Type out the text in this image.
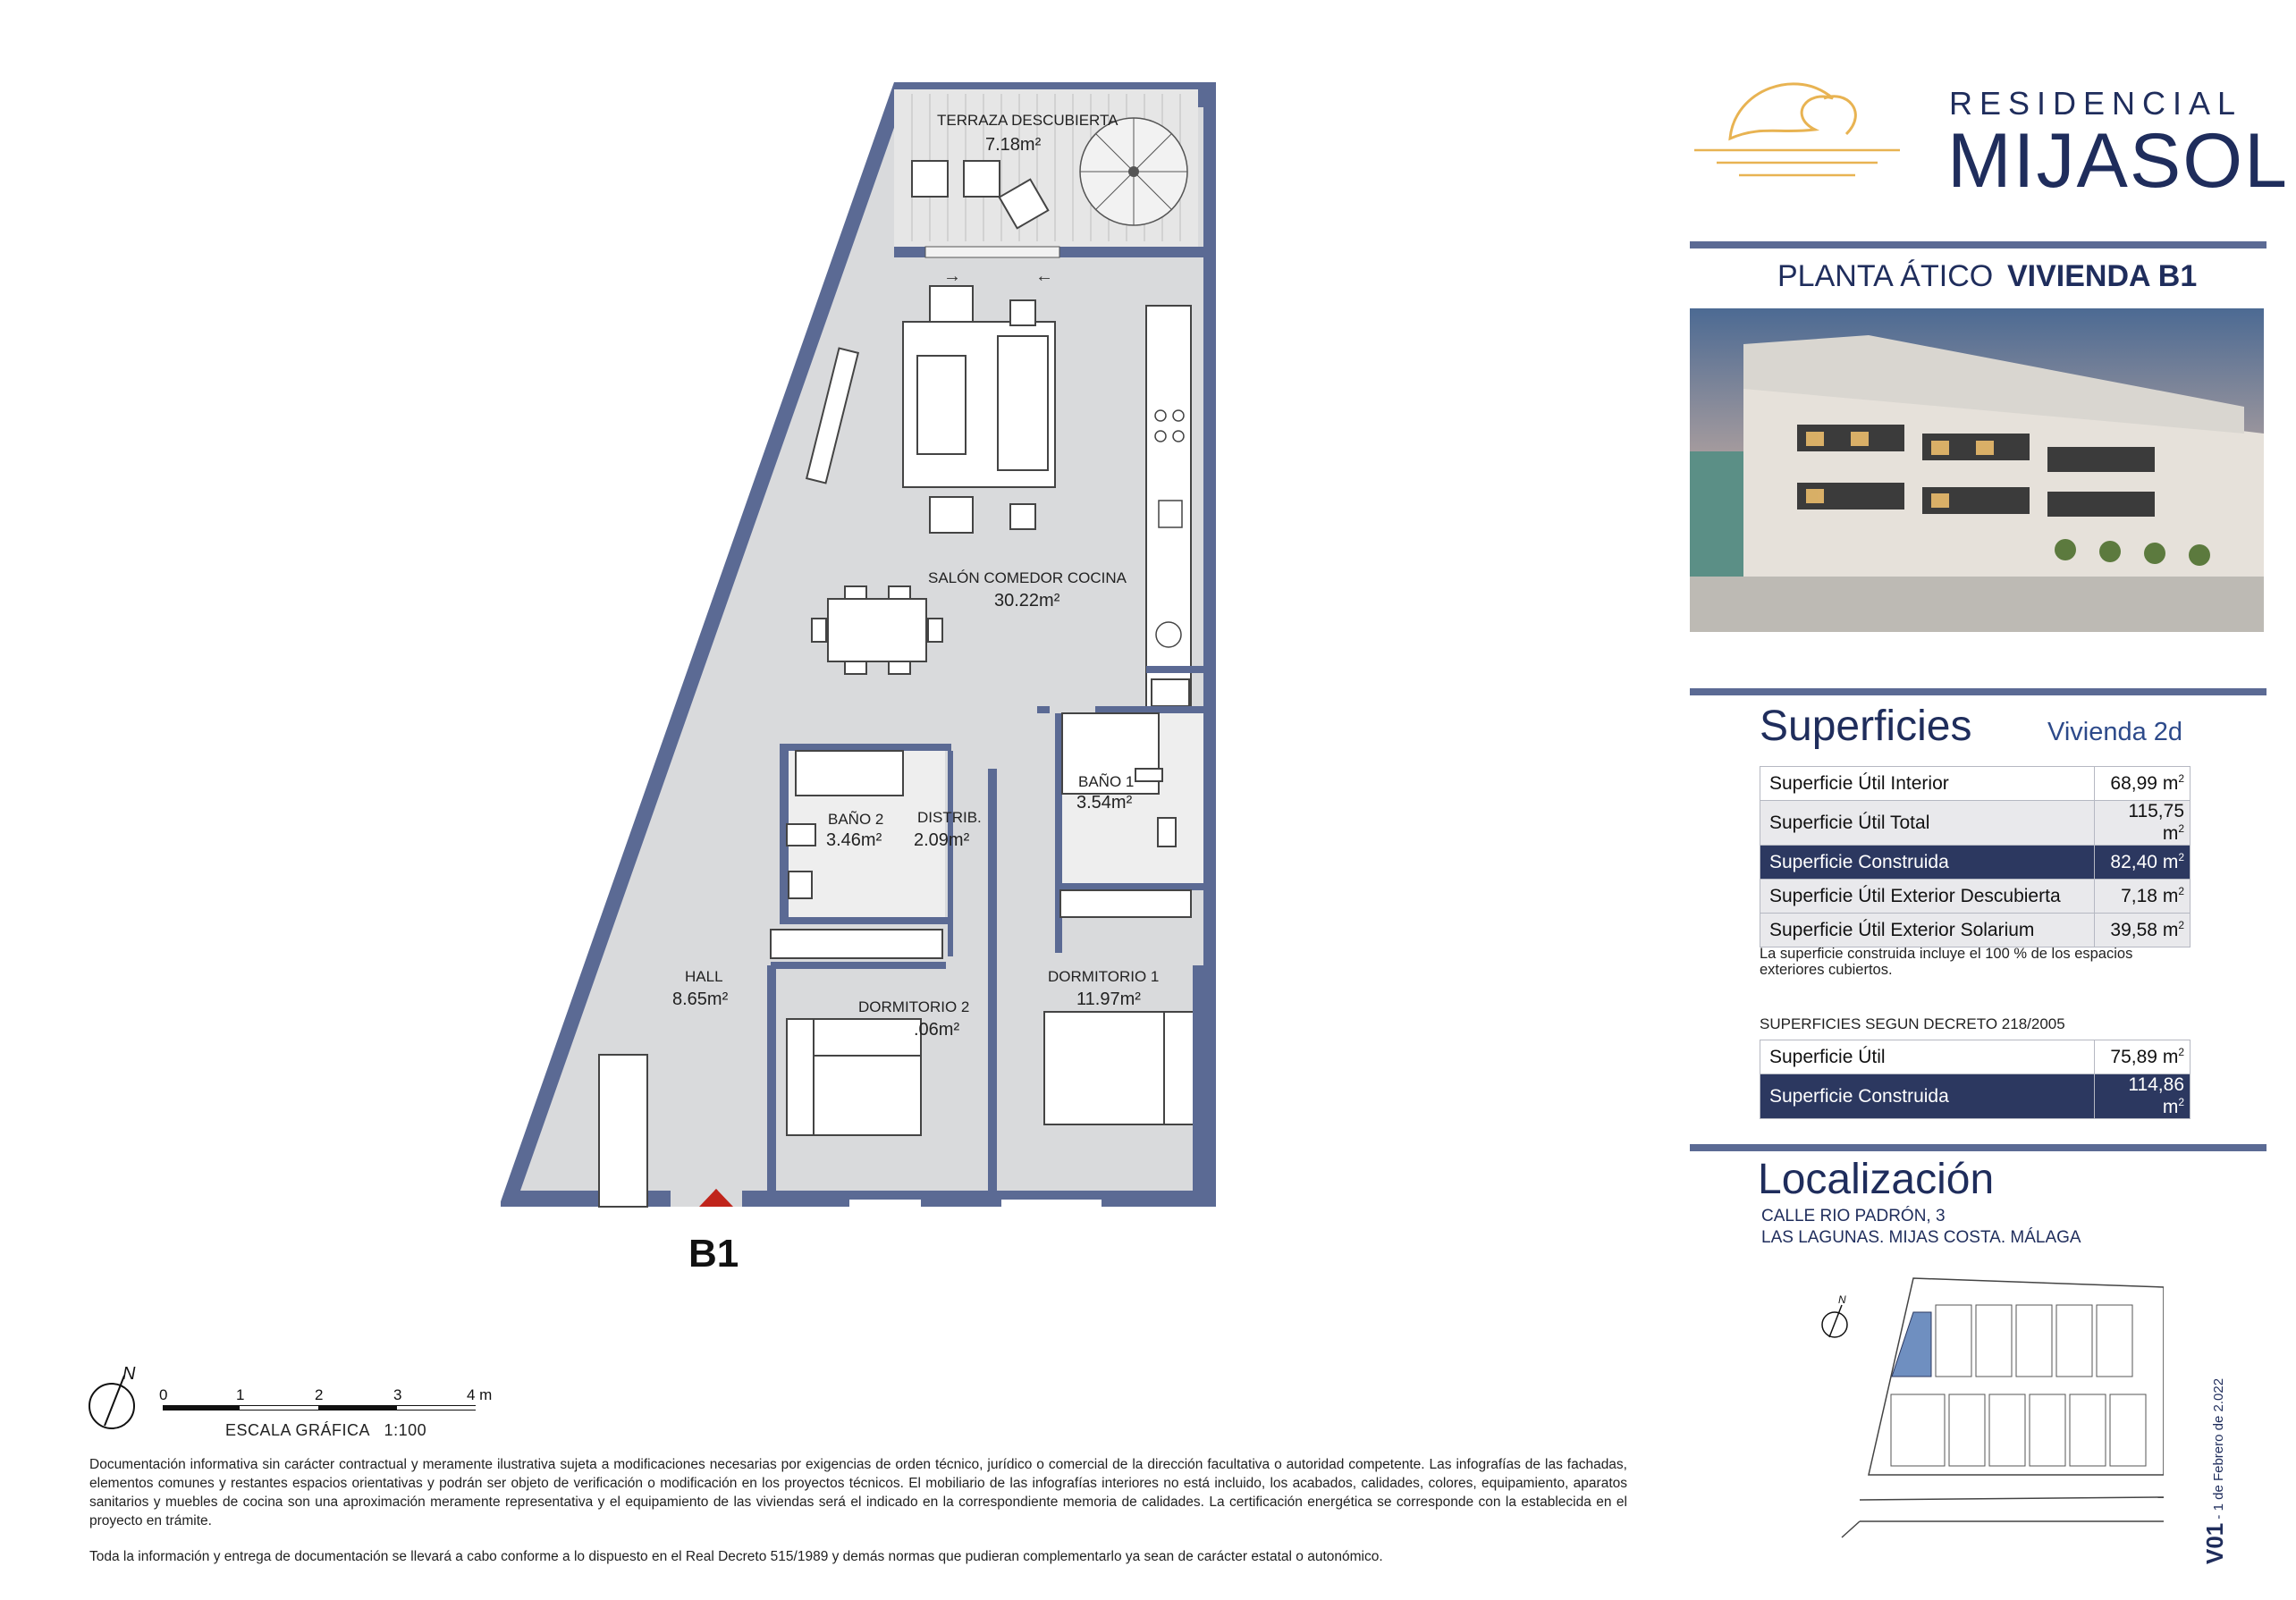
→	←
TERRAZA DESCUBIERTA
7.18m²
SALÓN COMEDOR COCINA
30.22m²
BAÑO 1
3.54m²
BAÑO 2
3.46m²
DISTRIB.
2.09m²
HALL
8.65m²	DORMITORIO 2
.06m²
DORMITORIO 1
11.97m²
B1
N
0	1	2	3	4 m
ESCALA GRÁFICA   1:100
Documentación informativa sin carácter contractual y meramente ilustrativa sujeta a modificaciones necesarias por exigencias de orden técnico, jurídico o comercial de la dirección facultativa o autoridad competente. Las infografías de las fachadas, elementos comunes y restantes espacios orientativas y podrán ser objeto de verificación o modificación en los proyectos técnicos. El mobiliario de las infografías interiores no está incluido, los acabados, calidades, colores, equipamiento, aparatos sanitarios y muebles de cocina son una aproximación meramente representativa y el equipamiento de las viviendas será el indicado en la correspondiente memoria de calidades. La certificación energética se corresponde con la establecida en el proyecto en trámite.
Toda la información y entrega de documentación se llevará a cabo conforme a lo dispuesto en el Real Decreto 515/1989 y demás normas que pudieran complementarlo ya sean de carácter estatal o autonómico.
RESIDENCIAL
MIJASOL
PLANTA ÁTICO VIVIENDA B1
Superficies	Vivienda 2d
Superficie Útil Interior	68,99 $m^2$
Superficie Útil Total	115,75 $m^2$
Superficie Construida	82,40 $m^2$
Superficie Útil Exterior Descubierta	7,18 $m^2$
Superficie Útil Exterior Solarium	39,58 $m^2$
La superficie construida incluye el 100 % de los espacios exteriores cubiertos.
SUPERFICIES SEGUN DECRETO 218/2005
Superficie Útil	75,89 $m^2$
Superficie Construida	114,86 $m^2$
Localización
CALLE RIO PADRÓN, 3
LAS LAGUNAS. MIJAS COSTA. MÁLAGA
N
V01 - 1 de Febrero de 2.022
